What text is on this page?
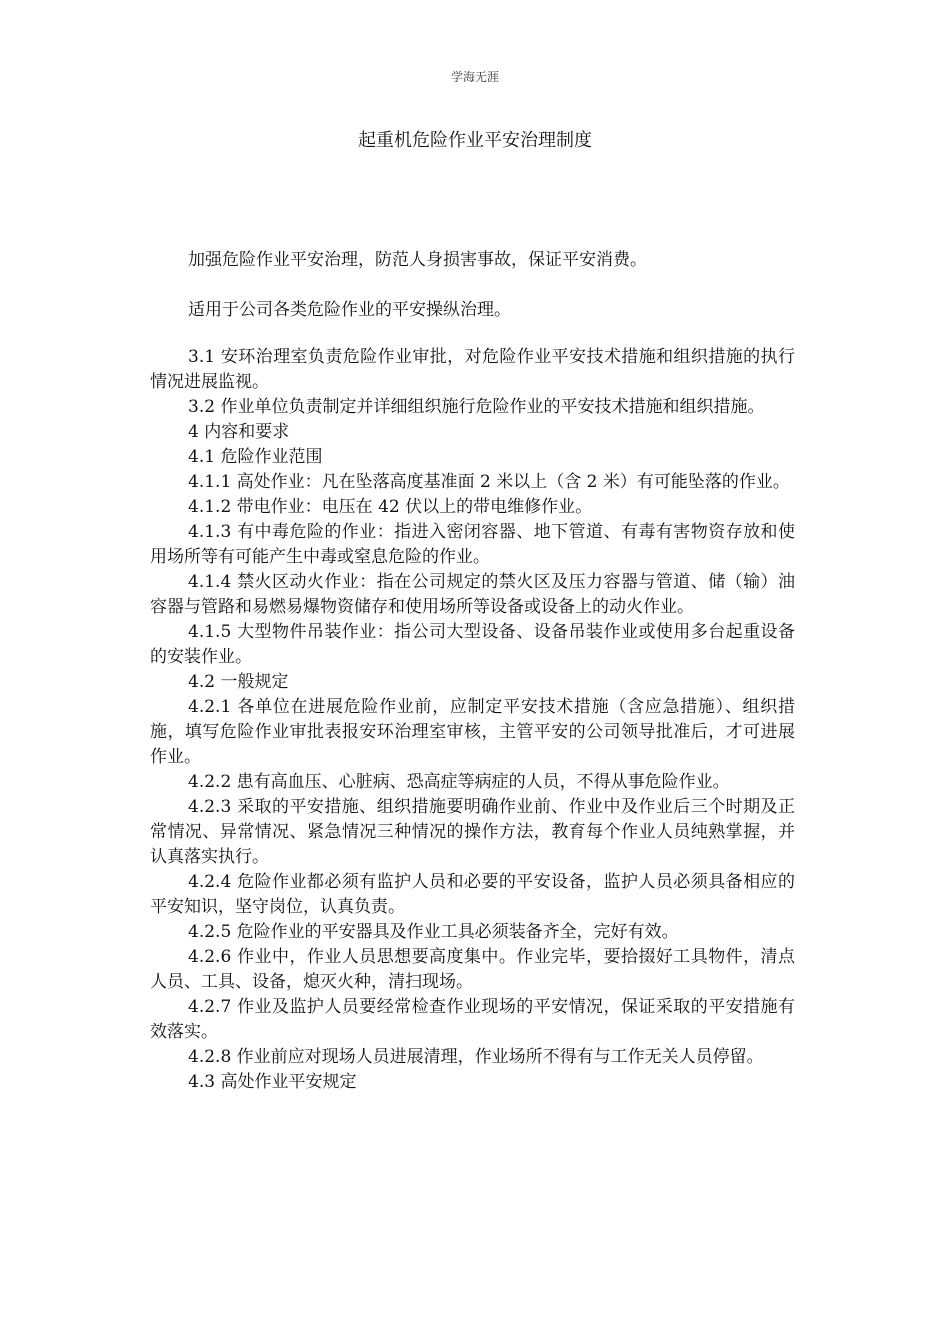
学海无涯
起重机危险作业平安治理制度

加强危险作业平安治理，防范人身损害事故，保证平安消费。

适用于公司各类危险作业的平安操纵治理。

3.1 安环治理室负责危险作业审批，对危险作业平安技术措施和组织措施的执行情况进展监视。

3.2 作业单位负责制定并详细组织施行危险作业的平安技术措施和组织措施。

4 内容和要求

4.1 危险作业范围

4.1.1 高处作业：凡在坠落高度基准面 2 米以上（含 2 米）有可能坠落的作业。

4.1.2 带电作业：电压在 42 伏以上的带电维修作业。

4.1.3 有中毒危险的作业：指进入密闭容器、地下管道、有毒有害物资存放和使用场所等有可能产生中毒或窒息危险的作业。

4.1.4 禁火区动火作业：指在公司规定的禁火区及压力容器与管道、储（输）油容器与管路和易燃易爆物资储存和使用场所等设备或设备上的动火作业。

4.1.5 大型物件吊装作业：指公司大型设备、设备吊装作业或使用多台起重设备的安装作业。

4.2 一般规定

4.2.1 各单位在进展危险作业前，应制定平安技术措施（含应急措施）、组织措施，填写危险作业审批表报安环治理室审核，主管平安的公司领导批准后，才可进展作业。

4.2.2 患有高血压、心脏病、恐高症等病症的人员，不得从事危险作业。

4.2.3 采取的平安措施、组织措施要明确作业前、作业中及作业后三个时期及正常情况、异常情况、紧急情况三种情况的操作方法，教育每个作业人员纯熟掌握，并认真落实执行。

4.2.4 危险作业都必须有监护人员和必要的平安设备，监护人员必须具备相应的平安知识，坚守岗位，认真负责。

4.2.5 危险作业的平安器具及作业工具必须装备齐全，完好有效。

4.2.6 作业中，作业人员思想要高度集中。作业完毕，要拾掇好工具物件，清点人员、工具、设备，熄灭火种，清扫现场。

4.2.7 作业及监护人员要经常检查作业现场的平安情况，保证采取的平安措施有效落实。

4.2.8 作业前应对现场人员进展清理，作业场所不得有与工作无关人员停留。

4.3 高处作业平安规定
